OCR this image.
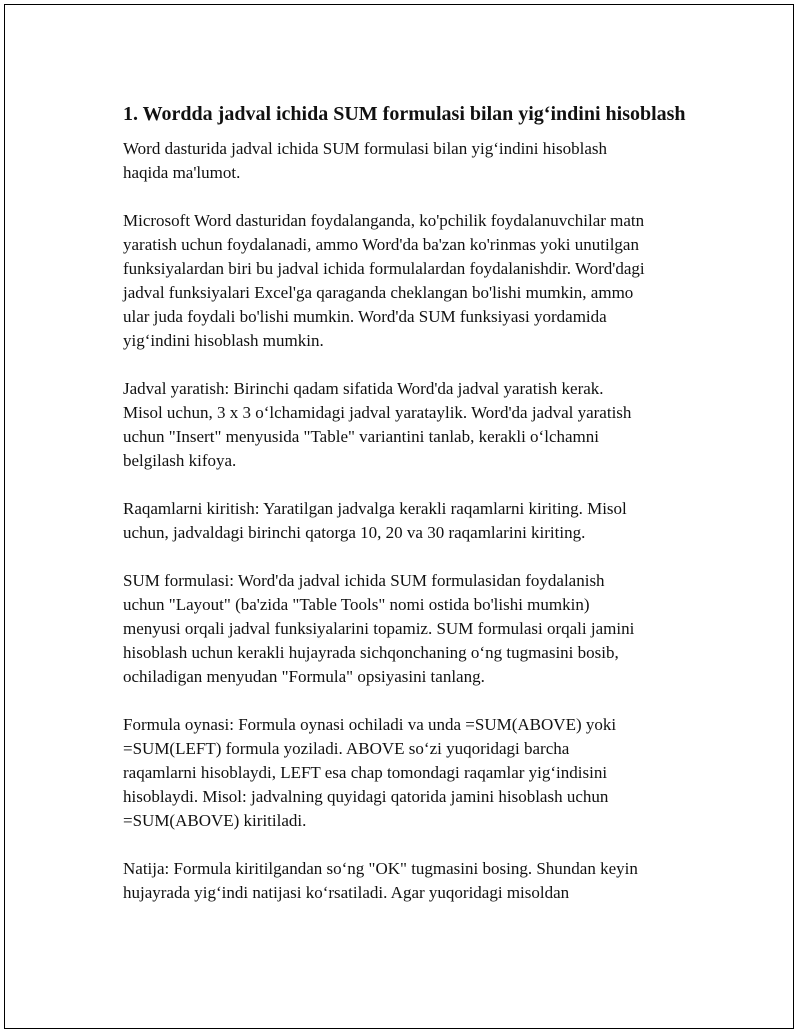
1. Wordda jadval ichida SUM formulasi bilan yig‘indini hisoblash

Word dasturida jadval ichida SUM formulasi bilan yig‘indini hisoblash
haqida ma'lumot.

Microsoft Word dasturidan foydalanganda, ko'pchilik foydalanuvchilar matn
yaratish uchun foydalanadi, ammo Word'da ba'zan ko'rinmas yoki unutilgan
funksiyalardan biri bu jadval ichida formulalardan foydalanishdir. Word'dagi
jadval funksiyalari Excel'ga qaraganda cheklangan bo'lishi mumkin, ammo
ular juda foydali bo'lishi mumkin. Word'da SUM funksiyasi yordamida
yig‘indini hisoblash mumkin.

Jadval yaratish: Birinchi qadam sifatida Word'da jadval yaratish kerak.
Misol uchun, 3 x 3 o‘lchamidagi jadval yarataylik. Word'da jadval yaratish
uchun "Insert" menyusida "Table" variantini tanlab, kerakli o‘lchamni
belgilash kifoya.

Raqamlarni kiritish: Yaratilgan jadvalga kerakli raqamlarni kiriting. Misol
uchun, jadvaldagi birinchi qatorga 10, 20 va 30 raqamlarini kiriting.

SUM formulasi: Word'da jadval ichida SUM formulasidan foydalanish
uchun "Layout" (ba'zida "Table Tools" nomi ostida bo'lishi mumkin)
menyusi orqali jadval funksiyalarini topamiz. SUM formulasi orqali jamini
hisoblash uchun kerakli hujayrada sichqonchaning o‘ng tugmasini bosib,
ochiladigan menyudan "Formula" opsiyasini tanlang.

Formula oynasi: Formula oynasi ochiladi va unda =SUM(ABOVE) yoki
=SUM(LEFT) formula yoziladi. ABOVE so‘zi yuqoridagi barcha
raqamlarni hisoblaydi, LEFT esa chap tomondagi raqamlar yig‘indisini
hisoblaydi. Misol: jadvalning quyidagi qatorida jamini hisoblash uchun
=SUM(ABOVE) kiritiladi.

Natija: Formula kiritilgandan so‘ng "OK" tugmasini bosing. Shundan keyin
hujayrada yig‘indi natijasi ko‘rsatiladi. Agar yuqoridagi misoldan
